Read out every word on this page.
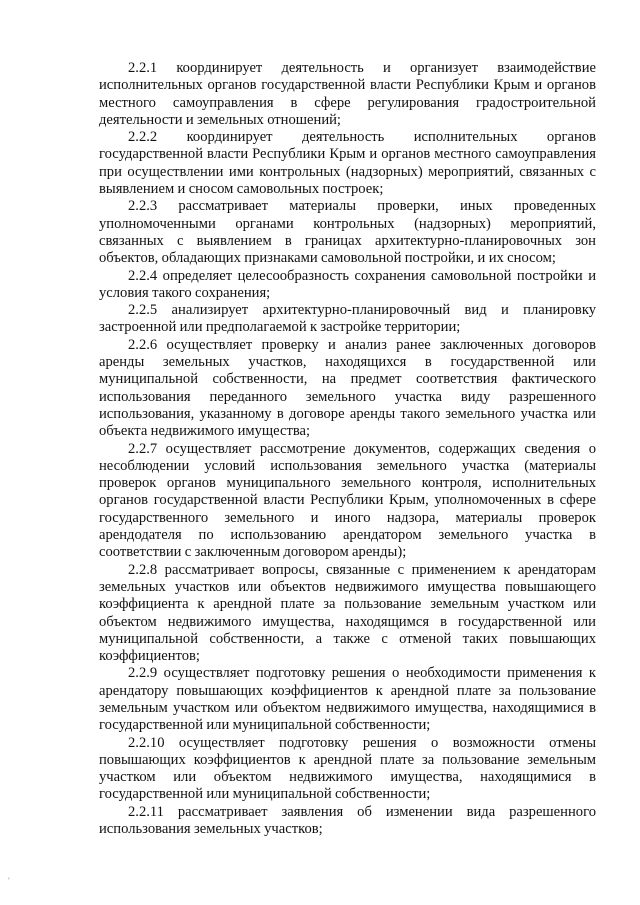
2.2.1 координирует деятельность и организует взаимодействие исполнительных органов государственной власти Республики Крым и органов местного самоуправления в сфере регулирования градостроительной деятельности и земельных отношений;

2.2.2 координирует деятельность исполнительных органов государственной власти Республики Крым и органов местного самоуправления при осуществлении ими контрольных (надзорных) мероприятий, связанных с выявлением и сносом самовольных построек;

2.2.3 рассматривает материалы проверки, иных проведенных уполномоченными органами контрольных (надзорных) мероприятий, связанных с выявлением в границах архитектурно-планировочных зон объектов, обладающих признаками самовольной постройки, и их сносом;

2.2.4 определяет целесообразность сохранения самовольной постройки и условия такого сохранения;

2.2.5 анализирует архитектурно-планировочный вид и планировку застроенной или предполагаемой к застройке территории;

2.2.6 осуществляет проверку и анализ ранее заключенных договоров аренды земельных участков, находящихся в государственной или муниципальной собственности, на предмет соответствия фактического использования переданного земельного участка виду разрешенного использования, указанному в договоре аренды такого земельного участка или объекта недвижимого имущества;

2.2.7 осуществляет рассмотрение документов, содержащих сведения о несоблюдении условий использования земельного участка (материалы проверок органов муниципального земельного контроля, исполнительных органов государственной власти Республики Крым, уполномоченных в сфере государственного земельного и иного надзора, материалы проверок арендодателя по использованию арендатором земельного участка в соответствии с заключенным договором аренды);

2.2.8 рассматривает вопросы, связанные с применением к арендаторам земельных участков или объектов недвижимого имущества повышающего коэффициента к арендной плате за пользование земельным участком или объектом недвижимого имущества, находящимся в государственной или муниципальной собственности, а также с отменой таких повышающих коэффициентов;

2.2.9 осуществляет подготовку решения о необходимости применения к арендатору повышающих коэффициентов к арендной плате за пользование земельным участком или объектом недвижимого имущества, находящимися в государственной или муниципальной собственности;

2.2.10 осуществляет подготовку решения о возможности отмены повышающих коэффициентов к арендной плате за пользование земельным участком или объектом недвижимого имущества, находящимися в государственной или муниципальной собственности;

2.2.11 рассматривает заявления об изменении вида разрешенного использования земельных участков;

'
